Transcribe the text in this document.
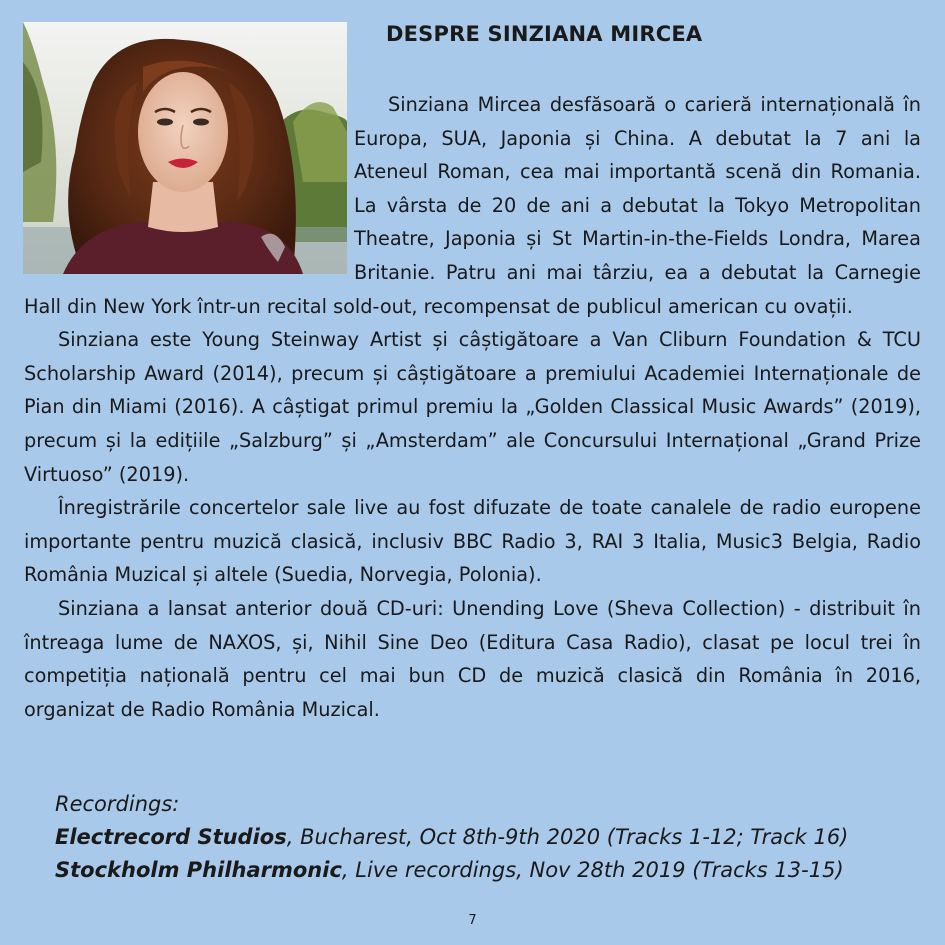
DESPRE SINZIANA MIRCEA

Sinziana Mircea desfăsoară o carieră internațională în Europa, SUA, Japonia și China. A debutat la 7 ani la Ateneul Roman, cea mai importantă scenă din Romania. La vârsta de 20 de ani a debutat la Tokyo Metropolitan Theatre, Japonia și St Martin-in-the-Fields Londra, Marea Britanie. Patru ani mai târziu, ea a debutat la Carnegie Hall din New York într-un recital sold-out, recompensat de publicul american cu ovații.

Sinziana este Young Steinway Artist și câștigătoare a Van Cliburn Foundation & TCU Scholarship Award (2014), precum și câștigătoare a premiului Academiei Internaționale de Pian din Miami (2016). A câștigat primul premiu la „Golden Classical Music Awards” (2019), precum și la edițiile „Salzburg” și „Amsterdam” ale Concursului Internațional „Grand Prize Virtuoso” (2019).

Înregistrările concertelor sale live au fost difuzate de toate canalele de radio europene importante pentru muzică clasică, inclusiv BBC Radio 3, RAI 3 Italia, Music3 Belgia, Radio România Muzical și altele (Suedia, Norvegia, Polonia).

Sinziana a lansat anterior două CD-uri: Unending Love (Sheva Collection) - distribuit în întreaga lume de NAXOS, și, Nihil Sine Deo (Editura Casa Radio), clasat pe locul trei în competiția națională pentru cel mai bun CD de muzică clasică din România în 2016, organizat de Radio România Muzical.

Recordings:
Electrecord Studios, Bucharest, Oct 8th-9th 2020 (Tracks 1-12; Track 16)
Stockholm Philharmonic, Live recordings, Nov 28th 2019 (Tracks 13-15)
7
